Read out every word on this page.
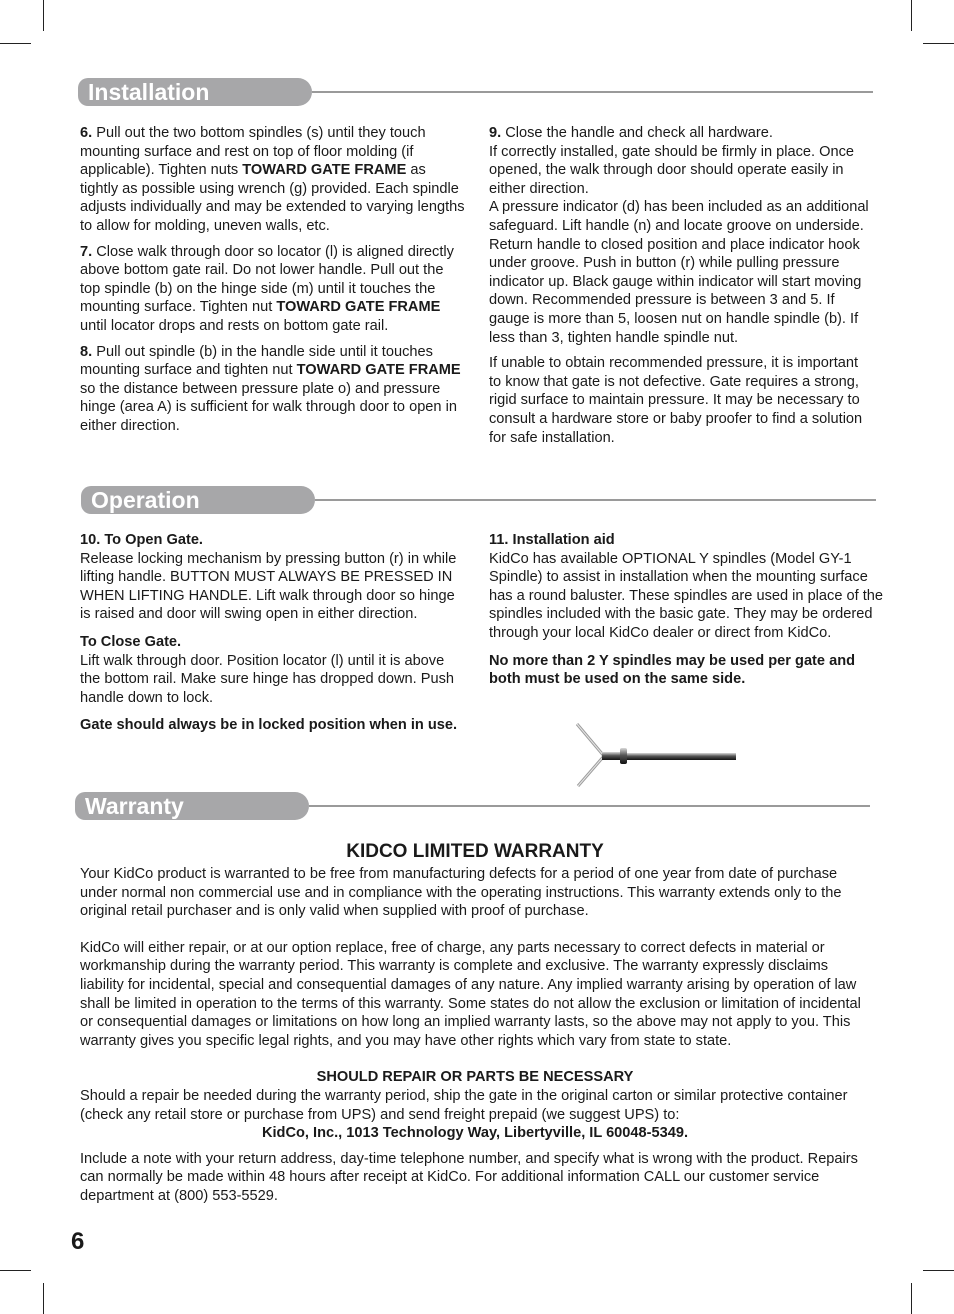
Installation

6. Pull out the two bottom spindles (s) until they touch mounting surface and rest on top of floor molding (if applicable). Tighten nuts TOWARD GATE FRAME as tightly as possible using wrench (g) provided. Each spindle adjusts individually and may be extended to varying lengths to allow for molding, uneven walls, etc.

7. Close walk through door so locator (l) is aligned directly above bottom gate rail. Do not lower handle. Pull out the top spindle (b) on the hinge side (m) until it touches the mounting surface. Tighten nut TOWARD GATE FRAME until locator drops and rests on bottom gate rail.

8. Pull out spindle (b) in the handle side until it touches mounting surface and tighten nut TOWARD GATE FRAME so the distance between pressure plate o) and pressure hinge (area A) is sufficient for walk through door to open in either direction.

9. Close the handle and check all hardware.

If correctly installed, gate should be firmly in place. Once opened, the walk through door should operate easily in either direction.

A pressure indicator (d) has been included as an additional safeguard. Lift handle (n) and locate groove on underside. Return handle to closed position and place indicator hook under groove. Push in button (r) while pulling pressure indicator up. Black gauge within indicator will start moving down. Recommended pressure is between 3 and 5. If gauge is more than 5, loosen nut on handle spindle (b). If less than 3, tighten handle spindle nut.

If unable to obtain recommended pressure, it is important to know that gate is not defective. Gate requires a strong, rigid surface to maintain pressure. It may be necessary to consult a hardware store or baby proofer to find a solution for safe installation.

Operation

10. To Open Gate.

Release locking mechanism by pressing button (r) in while lifting handle. BUTTON MUST ALWAYS BE PRESSED IN WHEN LIFTING HANDLE. Lift walk through door so hinge is raised and door will swing open in either direction.

To Close Gate.

Lift walk through door. Position locator (l) until it is above the bottom rail. Make sure hinge has dropped down. Push handle down to lock.

Gate should always be in locked position when in use.

11. Installation aid

KidCo has available OPTIONAL Y spindles (Model GY-1 Spindle) to assist in installation when the mounting surface has a round baluster. These spindles are used in place of the spindles included with the basic gate. They may be ordered through your local KidCo dealer or direct from KidCo.

No more than 2 Y spindles may be used per gate and both must be used on the same side.

Warranty

KIDCO LIMITED WARRANTY

Your KidCo product is warranted to be free from manufacturing defects for a period of one year from date of purchase under normal non commercial use and in compliance with the operating instructions. This warranty extends only to the original retail purchaser and is only valid when supplied with proof of purchase.

KidCo will either repair, or at our option replace, free of charge, any parts necessary to correct defects in material or workmanship during the warranty period. This warranty is complete and exclusive. The warranty expressly disclaims liability for incidental, special and consequential damages of any nature. Any implied warranty arising by operation of law shall be limited in operation to the terms of this warranty. Some states do not allow the exclusion or limitation of incidental or consequential damages or limitations on how long an implied warranty lasts, so the above may not apply to you. This warranty gives you specific legal rights, and you may have other rights which vary from state to state.

SHOULD REPAIR OR PARTS BE NECESSARY

Should a repair be needed during the warranty period, ship the gate in the original carton or similar protective container (check any retail store or purchase from UPS) and send freight prepaid (we suggest UPS) to:

KidCo, Inc., 1013 Technology Way, Libertyville, IL 60048-5349.

Include a note with your return address, day-time telephone number, and specify what is wrong with the product. Repairs can normally be made within 48 hours after receipt at KidCo. For additional information CALL our customer service department at (800) 553-5529.

6
